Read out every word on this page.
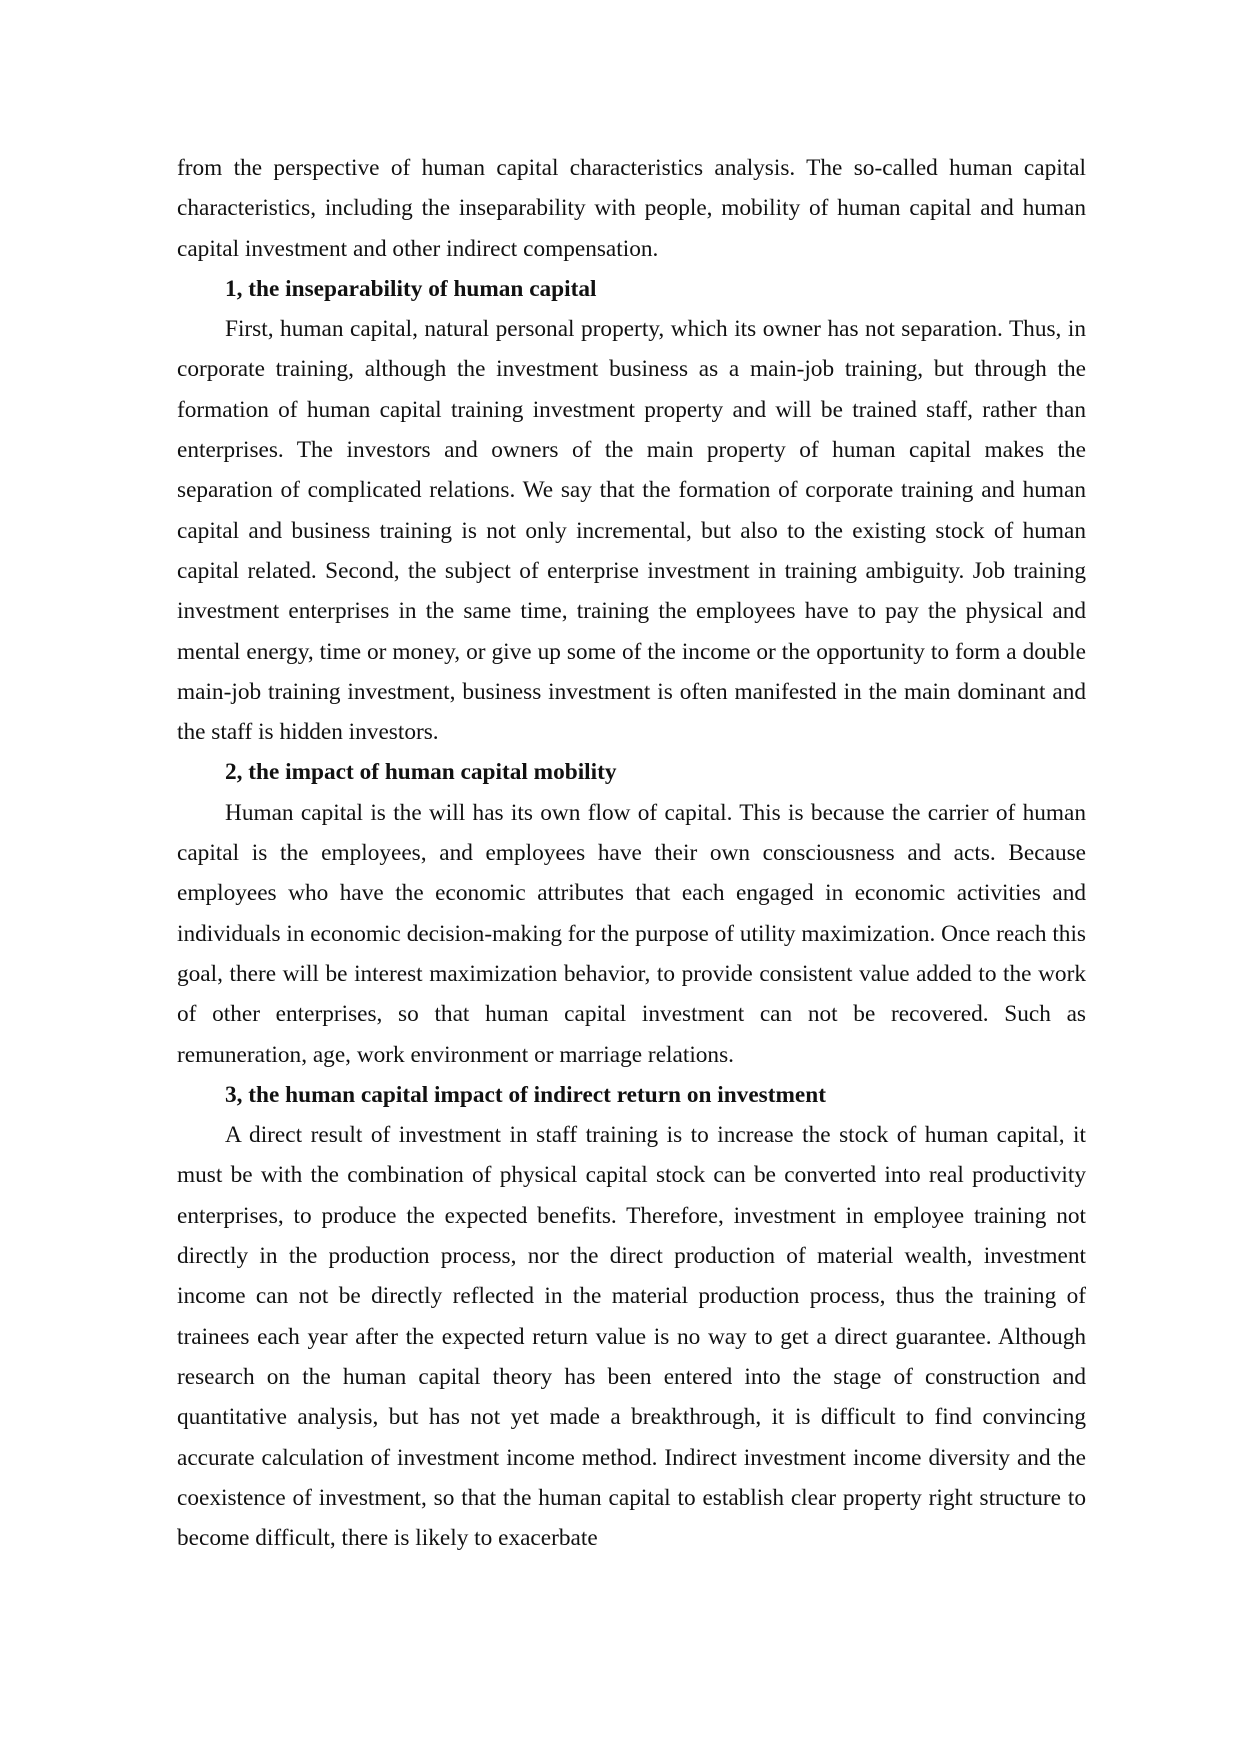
from the perspective of human capital characteristics analysis. The so-called human capital characteristics, including the inseparability with people, mobility of human capital and human capital investment and other indirect compensation.

1, the inseparability of human capital

First, human capital, natural personal property, which its owner has not separation. Thus, in corporate training, although the investment business as a main-job training, but through the formation of human capital training investment property and will be trained staff, rather than enterprises. The investors and owners of the main property of human capital makes the separation of complicated relations. We say that the formation of corporate training and human capital and business training is not only incremental, but also to the existing stock of human capital related. Second, the subject of enterprise investment in training ambiguity. Job training investment enterprises in the same time, training the employees have to pay the physical and mental energy, time or money, or give up some of the income or the opportunity to form a double main-job training investment, business investment is often manifested in the main dominant and the staff is hidden investors.

2, the impact of human capital mobility

Human capital is the will has its own flow of capital. This is because the carrier of human capital is the employees, and employees have their own consciousness and acts. Because employees who have the economic attributes that each engaged in economic activities and individuals in economic decision-making for the purpose of utility maximization. Once reach this goal, there will be interest maximization behavior, to provide consistent value added to the work of other enterprises, so that human capital investment can not be recovered. Such as remuneration, age, work environment or marriage relations.

3, the human capital impact of indirect return on investment

A direct result of investment in staff training is to increase the stock of human capital, it must be with the combination of physical capital stock can be converted into real productivity enterprises, to produce the expected benefits. Therefore, investment in employee training not directly in the production process, nor the direct production of material wealth, investment income can not be directly reflected in the material production process, thus the training of trainees each year after the expected return value is no way to get a direct guarantee. Although research on the human capital theory has been entered into the stage of construction and quantitative analysis, but has not yet made a breakthrough, it is difficult to find convincing accurate calculation of investment income method. Indirect investment income diversity and the coexistence of investment, so that the human capital to establish clear property right structure to become difficult, there is likely to exacerbate
